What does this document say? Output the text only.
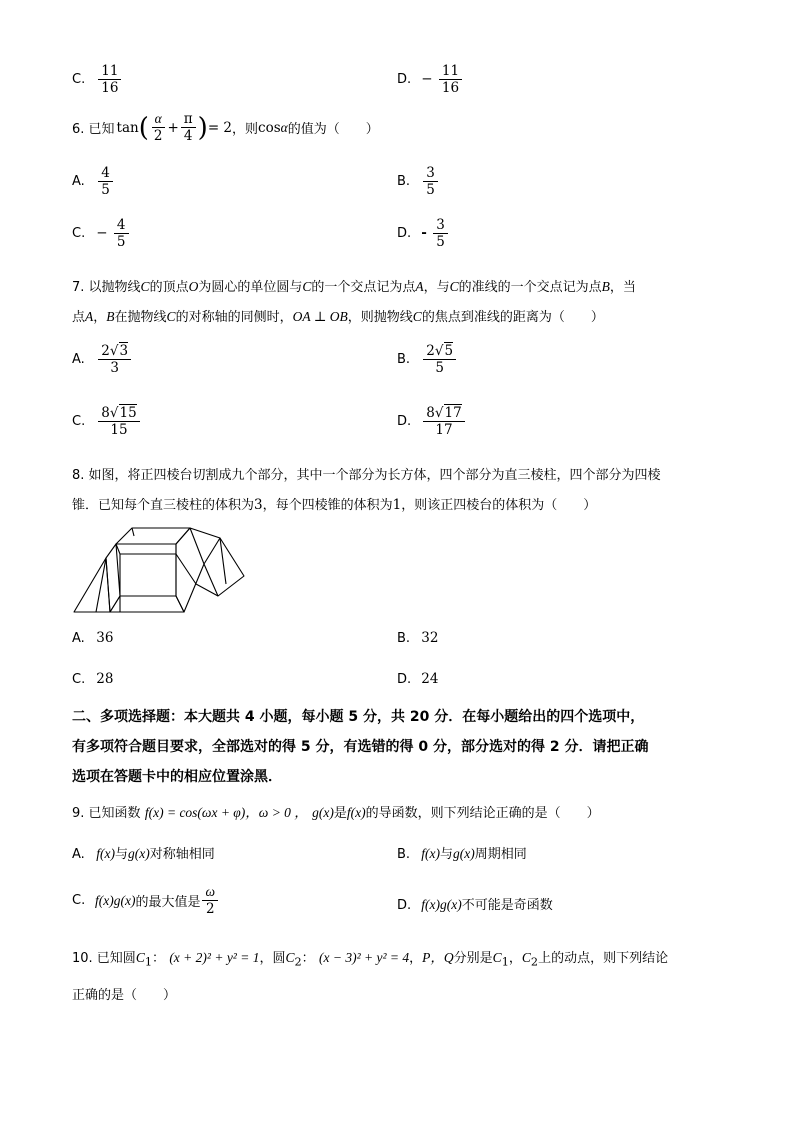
C. $\frac{11}{16}$	D. − $\frac{11}{16}$
6. 已知 tan ( $\frac{\alpha}{2} + \frac{\pi}{4}$ ) = 2 ，则 cos α 的值为（　　）
A. $\frac{4}{5}$	B. $\frac{3}{5}$
C. − $\frac{4}{5}$	D. - $\frac{3}{5}$
7. 以抛物线C的顶点O为圆心的单位圆与C的一个交点记为点A，与C的准线的一个交点记为点B，当
点A，B在抛物线C的对称轴的同侧时，OA ⊥ OB，则抛物线C的焦点到准线的距离为（　　）
A. $\frac{2√3}{3}$	B. $\frac{2√5}{5}$
C. $\frac{8√15}{15}$	D. $\frac{8√17}{17}$
8. 如图，将正四棱台切割成九个部分，其中一个部分为长方体，四个部分为直三棱柱，四个部分为四棱
锥．已知每个直三棱柱的体积为3，每个四棱锥的体积为1，则该正四棱台的体积为（　　）
A. 36	B. 32
C. 28	D. 24
二、多项选择题：本大题共 4 小题，每小题 5 分，共 20 分．在每小题给出的四个选项中，
有多项符合题目要求，全部选对的得 5 分，有选错的得 0 分，部分选对的得 2 分．请把正确
选项在答题卡中的相应位置涂黑．
9. 已知函数 f(x) = cos(ωx + φ)，ω > 0 ， g(x)是f(x)的导函数，则下列结论正确的是（　　）
A. f(x)与g(x)对称轴相同	B. f(x)与g(x)周期相同
C. f(x)g(x) 的最大值是 $\frac{\omega}{2}$	D. f(x)g(x)不可能是奇函数
10. 已知圆$C_1$： (x + 2)² + y² = 1，圆$C_2$： (x − 3)² + y² = 4，P，Q分别是$C_1$，$C_2$上的动点，则下列结论
正确的是（　　）
